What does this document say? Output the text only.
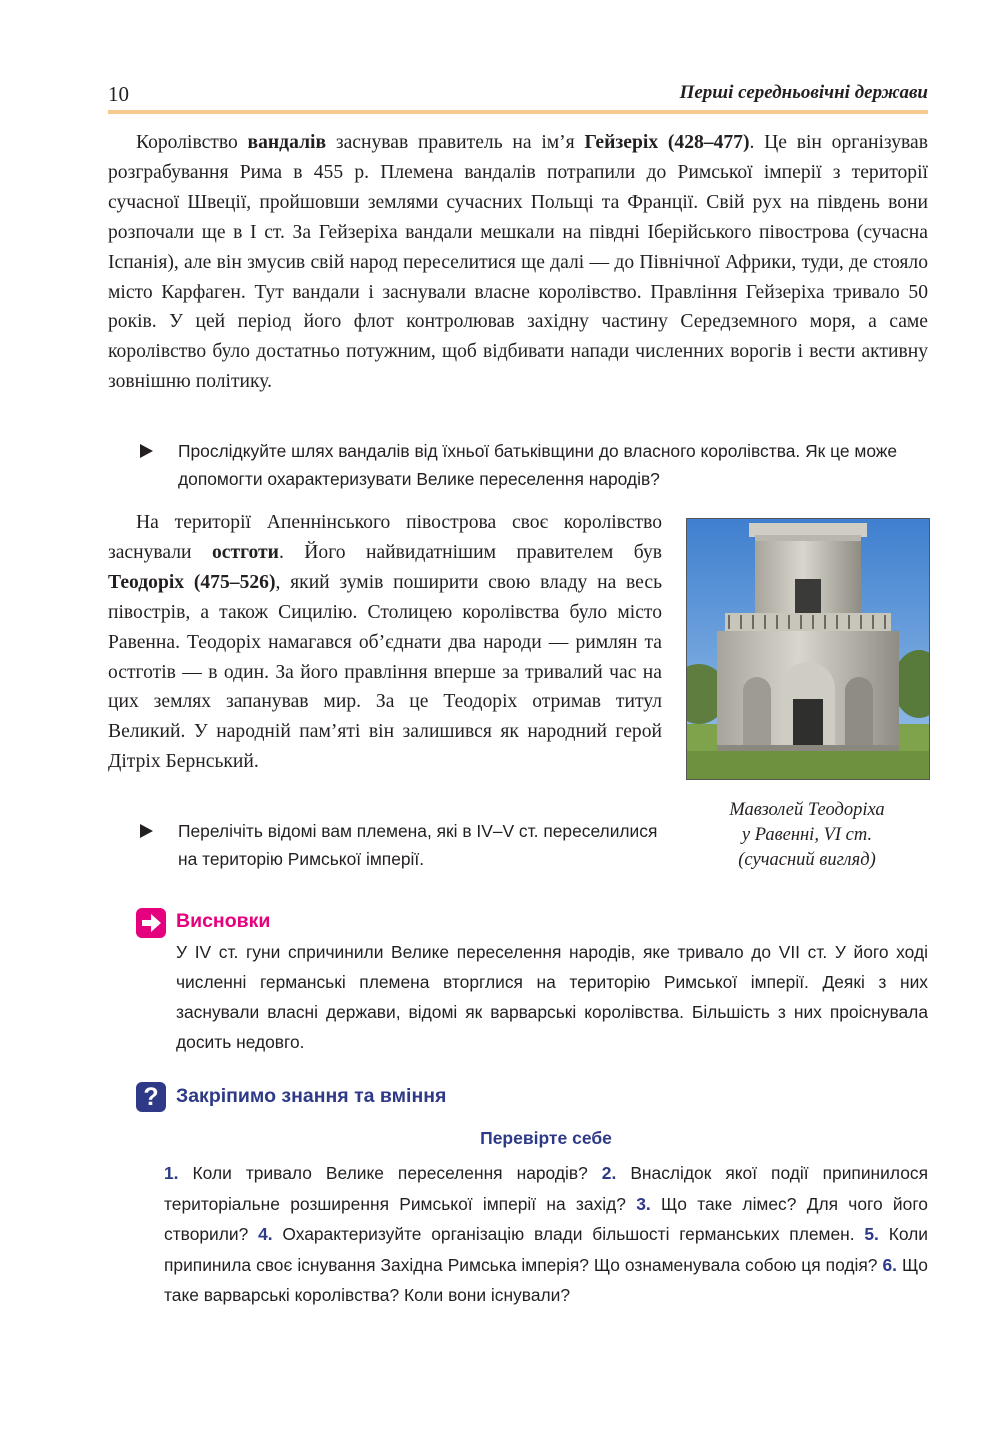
10	Перші середньовічні держави

Королівство вандалів заснував правитель на ім’я Гейзеріх (428–477). Це він організував розграбування Рима в 455 р. Племена вандалів потрапили до Римської імперії з території сучасної Швеції, пройшовши землями сучасних Польщі та Франції. Свій рух на південь вони розпочали ще в I ст. За Гейзеріха вандали мешкали на півдні Іберійського півострова (сучасна Іспанія), але він змусив свій народ переселитися ще далі — до Північної Африки, туди, де стояло місто Карфаген. Тут вандали і заснували власне королівство. Правління Гейзеріха тривало 50 років. У цей період його флот контролював західну частину Середземного моря, а саме королівство було достатньо потужним, щоб відбивати напади численних ворогів і вести активну зовнішню політику.

Прослідкуйте шлях вандалів від їхньої батьківщини до власного королівства. Як це може допомогти охарактеризувати Велике переселення народів?

На території Апеннінського півострова своє королівство заснували остготи. Його найвидатнішим правителем був Теодоріх (475–526), який зумів поширити свою владу на весь півострів, а також Сицилію. Столицею королівства було місто Равенна. Теодоріх намагався об’єднати два народи — римлян та остготів — в один. За його правління вперше за тривалий час на цих землях запанував мир. За це Теодоріх отримав титул Великий. У народній пам’яті він залишився як народний герой Дітріх Бернський.

Мавзолей Теодоріха
у Равенні, VI ст.
(сучасний вигляд)
Перелічіть відомі вам племена, які в IV–V ст. переселилися на територію Римської імперії.
Висновки
У IV ст. гуни спричинили Велике переселення народів, яке тривало до VII ст. У його ході численні германські племена вторглися на територію Римської імперії. Деякі з них заснували власні держави, відомі як варварські королівства. Більшість з них проіснувала досить недовго.
? Закріпимо знання та вміння
Перевірте себе
1. Коли тривало Велике переселення народів? 2. Внаслідок якої події припинилося територіальне розширення Римської імперії на захід? 3. Що таке лімес? Для чого його створили? 4. Охарактеризуйте організацію влади більшості германських племен. 5. Коли припинила своє існування Західна Римська імперія? Що ознаменувала собою ця подія? 6. Що таке варварські королівства? Коли вони існували?
